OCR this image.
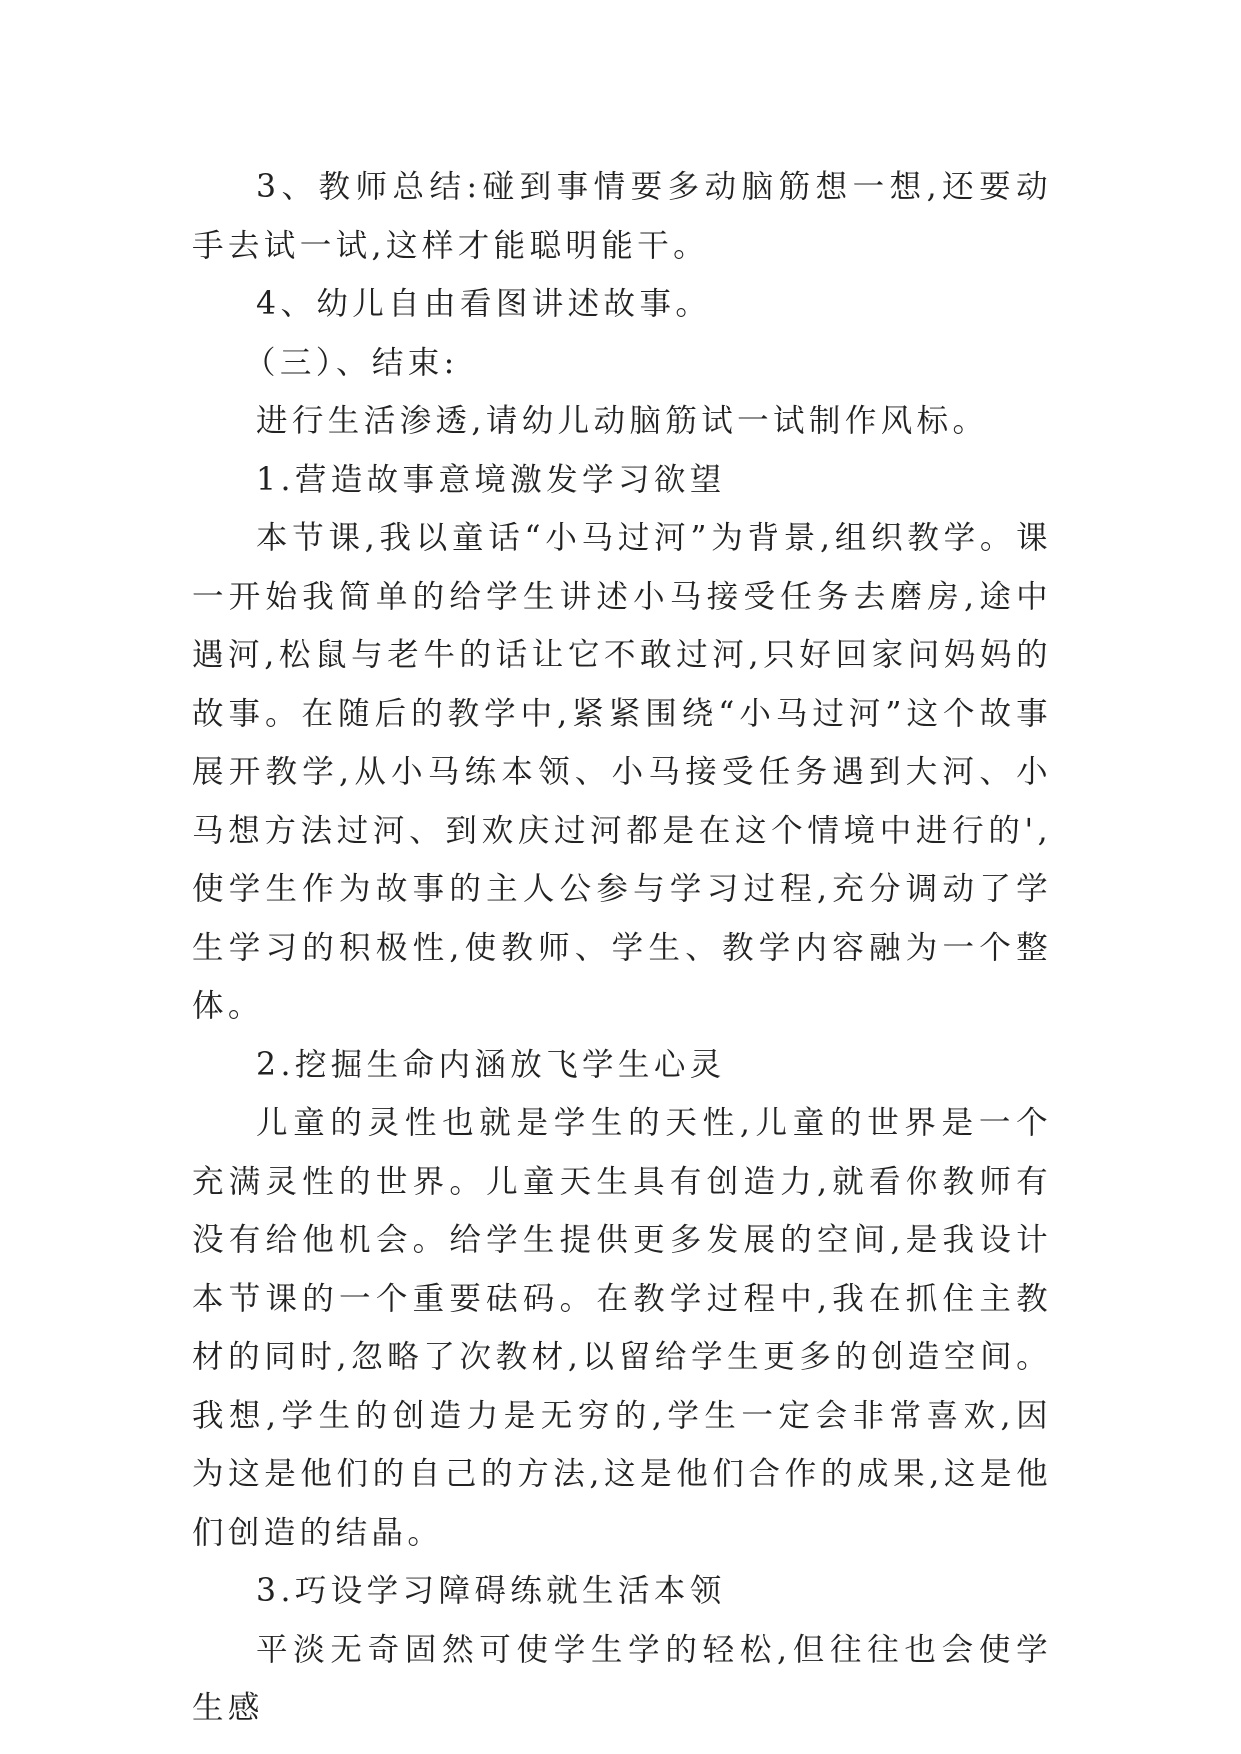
3、教师总结:碰到事情要多动脑筋想一想,还要动手去试一试,这样才能聪明能干。

4、幼儿自由看图讲述故事。

（三）、结束:

进行生活渗透,请幼儿动脑筋试一试制作风标。

1.营造故事意境激发学习欲望

本节课,我以童话“小马过河”为背景,组织教学。课一开始我简单的给学生讲述小马接受任务去磨房,途中遇河,松鼠与老牛的话让它不敢过河,只好回家问妈妈的故事。在随后的教学中,紧紧围绕“小马过河”这个故事展开教学,从小马练本领、小马接受任务遇到大河、小马想方法过河、到欢庆过河都是在这个情境中进行的',使学生作为故事的主人公参与学习过程,充分调动了学生学习的积极性,使教师、学生、教学内容融为一个整体。

2.挖掘生命内涵放飞学生心灵

儿童的灵性也就是学生的天性,儿童的世界是一个充满灵性的世界。儿童天生具有创造力,就看你教师有没有给他机会。给学生提供更多发展的空间,是我设计本节课的一个重要砝码。在教学过程中,我在抓住主教材的同时,忽略了次教材,以留给学生更多的创造空间。我想,学生的创造力是无穷的,学生一定会非常喜欢,因为这是他们的自己的方法,这是他们合作的成果,这是他们创造的结晶。

3.巧设学习障碍练就生活本领

平淡无奇固然可使学生学的轻松,但往往也会使学生感
